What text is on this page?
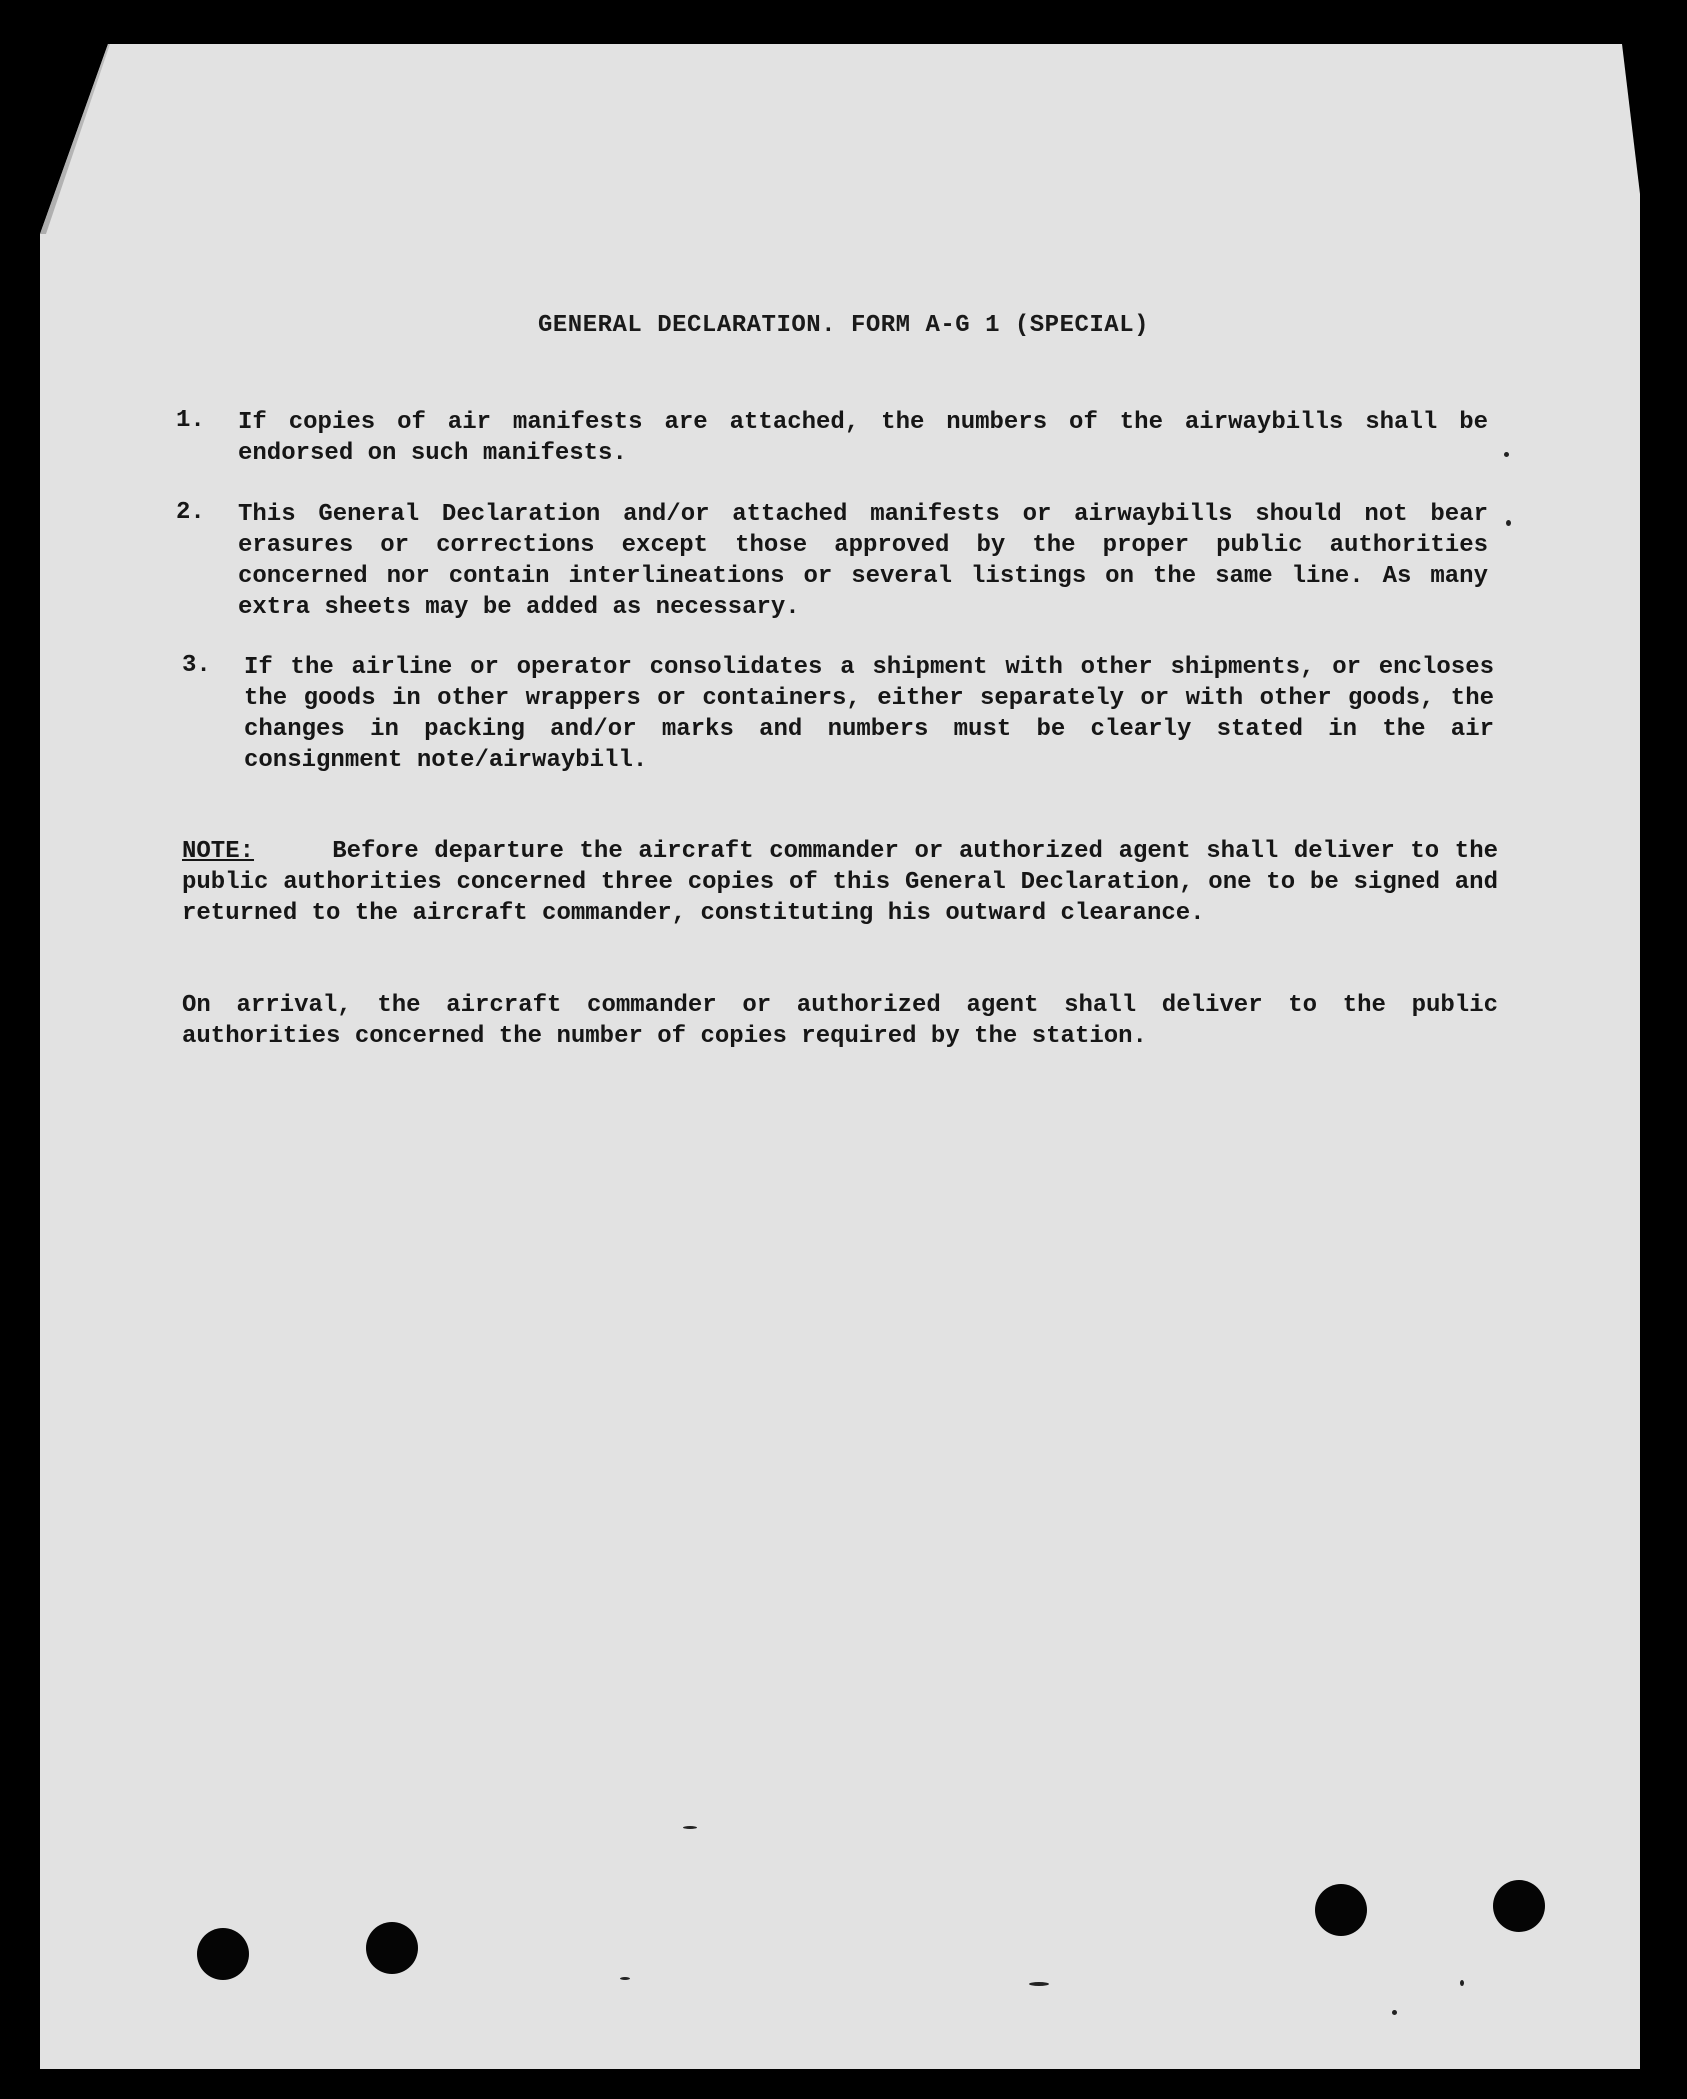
GENERAL DECLARATION. FORM A-G 1 (SPECIAL)
1. If copies of air manifests are attached, the numbers of the airwaybills shall be endorsed on such manifests.
2. This General Declaration and/or attached manifests or airwaybills should not bear erasures or corrections except those approved by the proper public authorities concerned nor contain interlineations or several listings on the same line. As many extra sheets may be added as necessary.
3. If the airline or operator consolidates a shipment with other shipments, or encloses the goods in other wrappers or containers, either separately or with other goods, the changes in packing and/or marks and numbers must be clearly stated in the air consignment note/airwaybill.
NOTE:	Before departure the aircraft commander or authorized agent shall deliver to the public authorities concerned three copies of this General Declaration, one to be signed and returned to the aircraft commander, constituting his outward clearance.
On arrival, the aircraft commander or authorized agent shall deliver to the public authorities concerned the number of copies required by the station.
